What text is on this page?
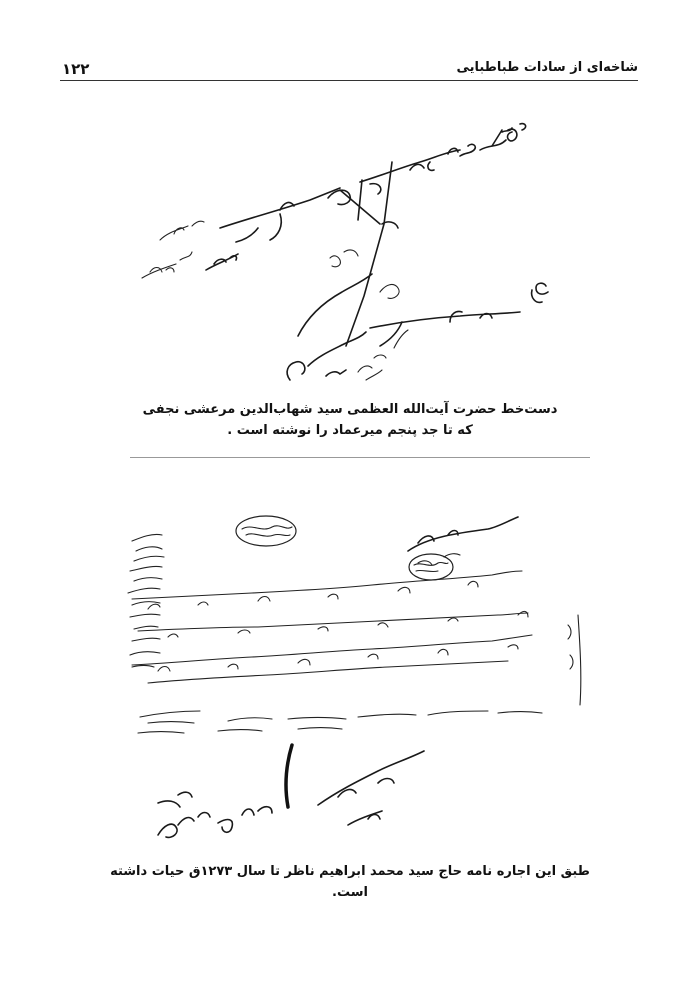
۱۲۲	شاخه‌ای از سادات طباطبایی
دست‌خط حضرت آیت‌الله العظمی سید شهاب‌الدین مرعشی نجفی
که تا جد پنجم میرعماد را نوشته است .
طبق این اجاره نامه حاج سید محمد ابراهیم ناظر تا سال ۱۲۷۳ق حیات داشته است.
